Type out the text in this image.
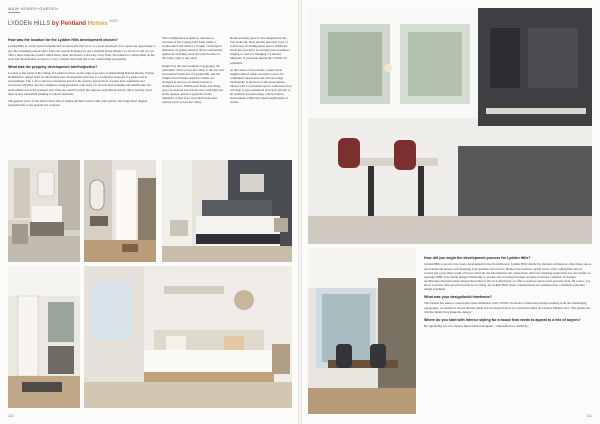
MAIN HOMES+GARDEN
LYDDEN HILLS by Pentland Homes $^{\#367}$
How was the location for the Lydden Hills development chosen?

Lydden Hills is a truly special scheme that worked perfectly for us as a local developer: not a great site opportunity to provide something unique and a place the special Pentland we use a national house builder; we are local and we can offer a more bespoke product which many other developers would shy away from. We refused to compromise on the style and the materials as what is a very complex and build due to the overbearing topography.

What was the property development brief/objective?

Located to the south of the village of Lydden in Kent, on the edge of an Area of Outstanding Natural Beauty, Paxton & Matthews' design brief for this modest new development give rise to a residential response to Lydden and its surroundings. The 1-4S to site was considered used for the sensory and services of plans here equipment and associated activities, the site comprises rough grassland, with areas of concrete hard standing and small home. An environment has at the northern end of the site which borders the adjacent agricultural absorb, this is heavily treed; there is also substantial planting to other boundaries.

The general 'parts' of the built form is that of simple pitched roofed forms with 'gables' and 'ridge lines' aligned perpendicular to the general site contours.

This configuration is made in response to cascades of the varying built form within 1 architectural will deliver a 'broken / interrupted silhouette' of gables which it offset considerably against the trending about site tend decline on the valley edge to the south.

Inspired by the site's dramatic topography, the panoramic views across the valley to the tree and pronounced landscape of Lydden Hill, and the Temple Ewell Nature Reserve, homes are arranged in terraces on distinct levels to maximise views. Within each home, the living space is oriented towards the river with light-led levels opened and have generous levels. Similarly, at first floor level most bedrooms capture views across the valley.

Home working space is also integrated in the four bedroom, three and the selection ways of each house. Providing these spaces within the house has proved to be an improved workflows, helping to cater for changing 1:4 interior lifestyles, in particular during the COVID-19 pandemic.

At the centre of the scheme, a multi-level neighbourhood square provides a place for community interaction and will encourage biodiversity at the heart of the development. Shared well-a convenient spaces with street trees will help to give pedestrian and cycle priority to all residents and encourage a more relaxed environment within this small neighbourhood cluster.

How did you begin the development process for Lydden Hills?

Lydden Hills is proud to be a new development in the North Downs. Lydden Hills' distinctive modern architecture offers three one-4- and 4-bedroom houses each featuring front gardens and terraces. Homes have internal capital views of the rolling hills and are located just a few miles south of Dover with UK and international rail connections. After the planning application was successful we appointed PHL Case Study Design Partnership to produce the working drawings and they produced a number of changes. Architecture discussion they shaped the homes to live in it effectively on offer to surfaces and not just personal style. Of course, you know even that offer practical solutions for living. At Lydden Hills, these considerations are combined into a distinctive modern design statement.

What was your design/build timeframe?

The scheme has taken a conservative time estimation, with COVID 19 and the complicated design resulting from the challenging topography, we needed to ensure that the detail was developed before we started the build. As Charles Emmett said: "The details are rich the details lives make the design."

Where do you start with interior styling for a house that needs to appeal to a mix of buyers?

By appointing one of London's finest interior designers – Olen Directors of Hardy...

110	111
